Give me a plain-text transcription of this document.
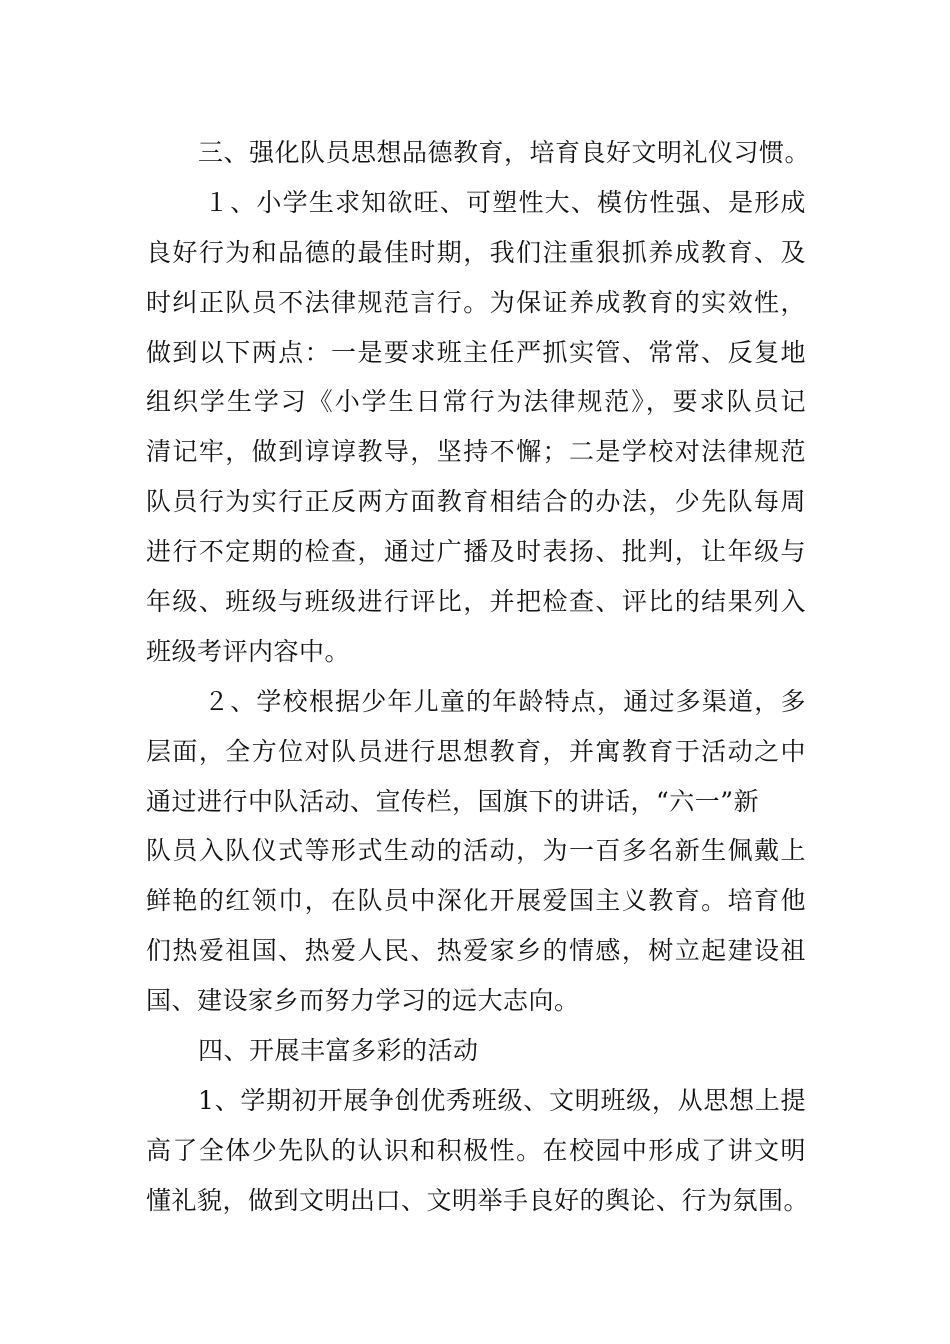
三、强化队员思想品德教育，培育良好文明礼仪习惯。
１、小学生求知欲旺、可塑性大、模仿性强、是形成
良好行为和品德的最佳时期，我们注重狠抓养成教育、及
时纠正队员不法律规范言行。为保证养成教育的实效性，
做到以下两点：一是要求班主任严抓实管、常常、反复地
组织学生学习《小学生日常行为法律规范》，要求队员记
清记牢，做到谆谆教导，坚持不懈；二是学校对法律规范
队员行为实行正反两方面教育相结合的办法，少先队每周
进行不定期的检查，通过广播及时表扬、批判，让年级与
年级、班级与班级进行评比，并把检查、评比的结果列入
班级考评内容中。
２、学校根据少年儿童的年龄特点，通过多渠道，多
层面，全方位对队员进行思想教育，并寓教育于活动之中
通过进行中队活动、宣传栏，国旗下的讲话，“六一”新
队员入队仪式等形式生动的活动，为一百多名新生佩戴上
鲜艳的红领巾，在队员中深化开展爱国主义教育。培育他
们热爱祖国、热爱人民、热爱家乡的情感，树立起建设祖
国、建设家乡而努力学习的远大志向。
四、开展丰富多彩的活动
1、学期初开展争创优秀班级、文明班级，从思想上提
高了全体少先队的认识和积极性。在校园中形成了讲文明
懂礼貌，做到文明出口、文明举手良好的舆论、行为氛围。
